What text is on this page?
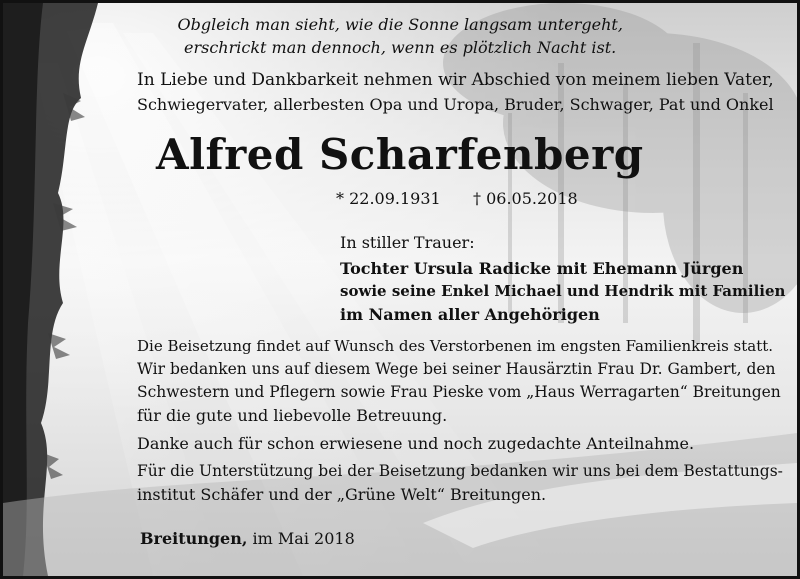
Obgleich man sieht, wie die Sonne langsam untergeht,
erschrickt man dennoch, wenn es plötzlich Nacht ist.
In Liebe und Dankbarkeit nehmen wir Abschied von meinem lieben Vater,
Schwiegervater, allerbesten Opa und Uropa, Bruder, Schwager, Pat und Onkel
Alfred Scharfenberg
* 22.09.1931 † 06.05.2018
In stiller Trauer:
Tochter Ursula Radicke mit Ehemann Jürgen
sowie seine Enkel Michael und Hendrik mit Familien
im Namen aller Angehörigen
Die Beisetzung findet auf Wunsch des Verstorbenen im engsten Familienkreis statt.
Wir bedanken uns auf diesem Wege bei seiner Hausärztin Frau Dr. Gambert, den
Schwestern und Pflegern sowie Frau Pieske vom „Haus Werragarten“ Breitungen
für die gute und liebevolle Betreuung.
Danke auch für schon erwiesene und noch zugedachte Anteilnahme.
Für die Unterstützung bei der Beisetzung bedanken wir uns bei dem Bestattungs-
institut Schäfer und der „Grüne Welt“ Breitungen.
Breitungen, im Mai 2018
